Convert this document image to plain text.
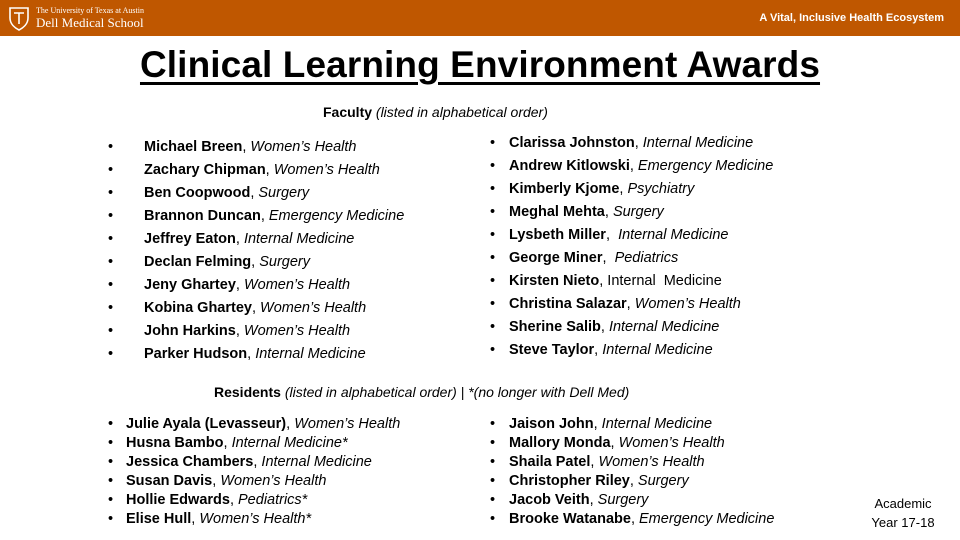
The University of Texas at Austin
Dell Medical School	A Vital, Inclusive Health Ecosystem
Clinical Learning Environment Awards
Faculty (listed in alphabetical order)
• Michael Breen, Women’s Health
• Zachary Chipman, Women’s Health
• Ben Coopwood, Surgery
• Brannon Duncan, Emergency Medicine
• Jeffrey Eaton, Internal Medicine
• Declan Felming, Surgery
• Jeny Ghartey, Women’s Health
• Kobina Ghartey, Women’s Health
• John Harkins, Women’s Health
• Parker Hudson, Internal Medicine
• Clarissa Johnston, Internal Medicine
• Andrew Kitlowski, Emergency Medicine
• Kimberly Kjome, Psychiatry
• Meghal Mehta, Surgery
• Lysbeth Miller,  Internal Medicine
• George Miner,  Pediatrics
• Kirsten Nieto, Internal  Medicine
• Christina Salazar, Women’s Health
• Sherine Salib, Internal Medicine
• Steve Taylor, Internal Medicine
Residents (listed in alphabetical order) | *(no longer with Dell Med)
• Julie Ayala (Levasseur), Women’s Health
• Husna Bambo, Internal Medicine*
• Jessica Chambers, Internal Medicine
• Susan Davis, Women’s Health
• Hollie Edwards, Pediatrics*
• Elise Hull, Women’s Health*
• Jaison John, Internal Medicine
• Mallory Monda, Women’s Health
• Shaila Patel, Women’s Health
• Christopher Riley, Surgery
• Jacob Veith, Surgery
• Brooke Watanabe, Emergency Medicine
Academic
Year 17-18
